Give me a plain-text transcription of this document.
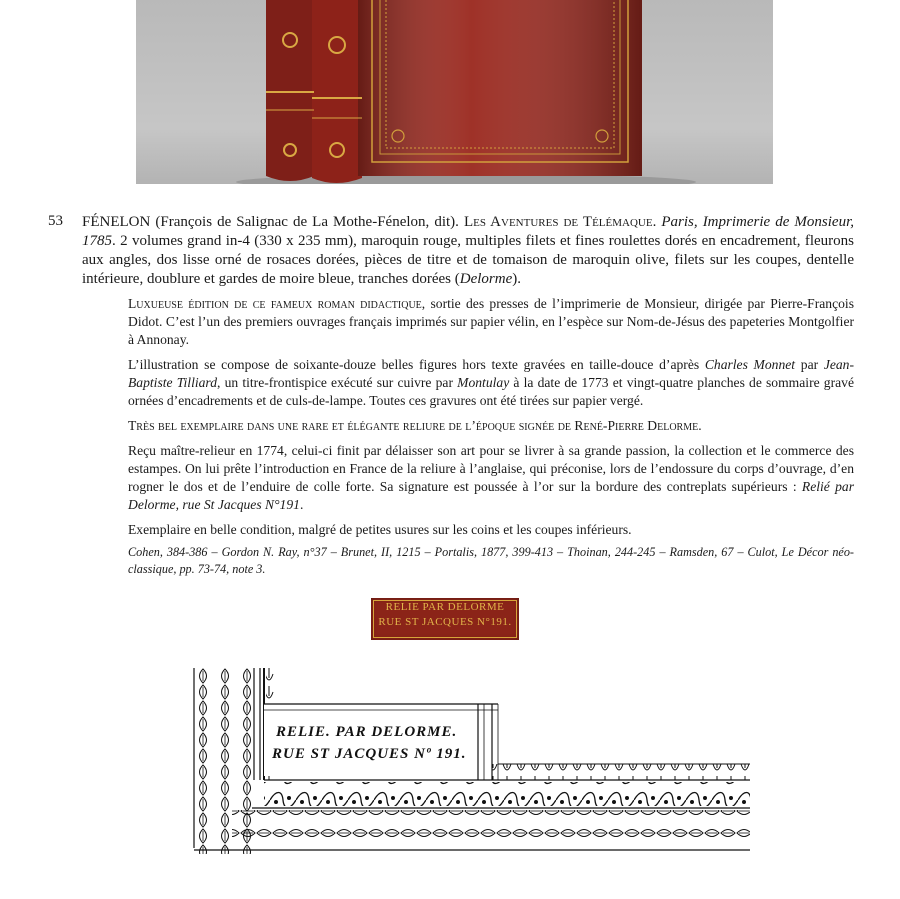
53 FÉNELON (François de Salignac de La Mothe-Fénelon, dit). Les Aventures de Télémaque. Paris, Imprimerie de Monsieur, 1785. 2 volumes grand in-4 (330 x 235 mm), maroquin rouge, multiples filets et fines roulettes dorés en encadrement, fleurons aux angles, dos lisse orné de rosaces dorées, pièces de titre et de tomaison de maroquin olive, filets sur les coupes, dentelle intérieure, doublure et gardes de moire bleue, tranches dorées (Delorme).

Luxueuse édition de ce fameux roman didactique, sortie des presses de l’imprimerie de Monsieur, dirigée par Pierre-François Didot. C’est l’un des premiers ouvrages français imprimés sur papier vélin, en l’espèce sur Nom-de-Jésus des papeteries Montgolfier à Annonay.

L’illustration se compose de soixante-douze belles figures hors texte gravées en taille-douce d’après Charles Monnet par Jean-Baptiste Tilliard, un titre-frontispice exécuté sur cuivre par Montulay à la date de 1773 et vingt-quatre planches de sommaire gravé ornées d’encadrements et de culs-de-lampe. Toutes ces gravures ont été tirées sur papier vergé.

Très bel exemplaire dans une rare et élégante reliure de l’époque signée de René-Pierre Delorme.

Reçu maître-relieur en 1774, celui-ci finit par délaisser son art pour se livrer à sa grande passion, la collection et le commerce des estampes. On lui prête l’introduction en France de la reliure à l’anglaise, qui préconise, lors de l’endossure du corps d’ouvrage, d’en rogner le dos et de l’enduire de colle forte. Sa signature est poussée à l’or sur la bordure des contreplats supérieurs : Relié par Delorme, rue St Jacques N°191.

Exemplaire en belle condition, malgré de petites usures sur les coins et les coupes inférieurs.

Cohen, 384-386 – Gordon N. Ray, n°37 – Brunet, II, 1215 – Portalis, 1877, 399-413 – Thoinan, 244-245 – Ramsden, 67 – Culot, Le Décor néo-classique, pp. 73-74, note 3.

RELIE PAR DELORME
RUE ST JACQUES N°191.
RELIE. PAR DELORME.
RUE ST JACQUES Nº 191.
